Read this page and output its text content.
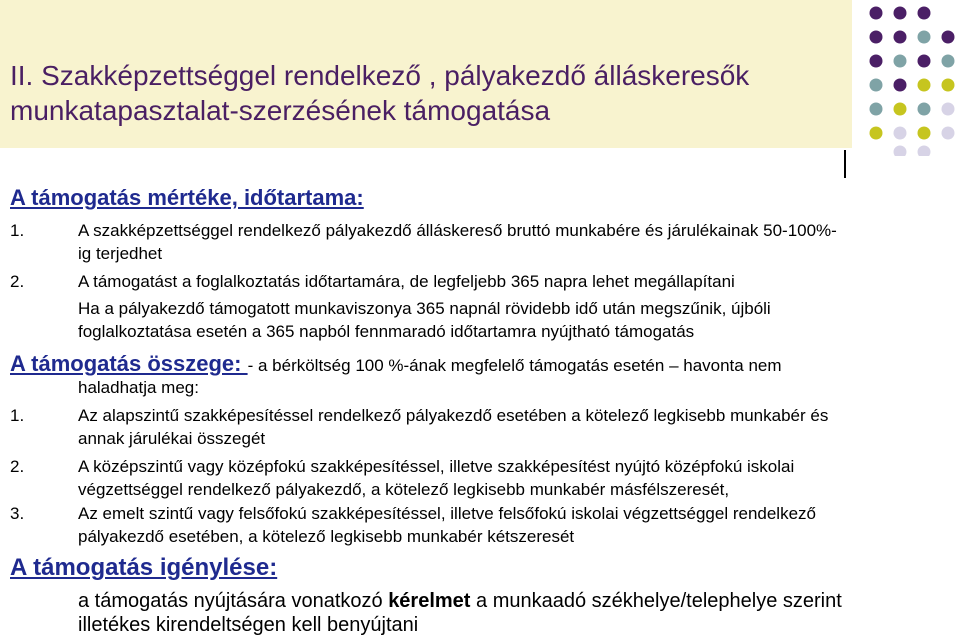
II. Szakképzettséggel rendelkező , pályakezdő álláskeresők
munkatapasztalat-szerzésének támogatása

A támogatás mértéke, időtartama:

1.	A szakképzettséggel rendelkező pályakezdő álláskereső bruttó munkabére és járulékainak 50-100%-

ig terjedhet

2.	A támogatást a foglalkoztatás időtartamára, de legfeljebb 365 napra lehet megállapítani

Ha a pályakezdő támogatott munkaviszonya 365 napnál rövidebb idő után megszűnik, újbóli

foglalkoztatása esetén a 365 napból fennmaradó időtartamra nyújtható támogatás

A támogatás összege: - a bérköltség 100 %-ának megfelelő támogatás esetén – havonta nem

haladhatja meg:

1.	Az alapszintű szakképesítéssel rendelkező pályakezdő esetében a kötelező legkisebb munkabér és

annak járulékai összegét

2.	A középszintű vagy középfokú szakképesítéssel, illetve szakképesítést nyújtó középfokú iskolai

végzettséggel rendelkező pályakezdő, a kötelező legkisebb munkabér másfélszeresét,

3.	Az emelt szintű vagy felsőfokú szakképesítéssel, illetve felsőfokú iskolai végzettséggel rendelkező

pályakezdő esetében, a kötelező legkisebb munkabér kétszeresét

A támogatás igénylése:

a támogatás nyújtására vonatkozó kérelmet a munkaadó székhelye/telephelye szerint

illetékes kirendeltségen kell benyújtani
